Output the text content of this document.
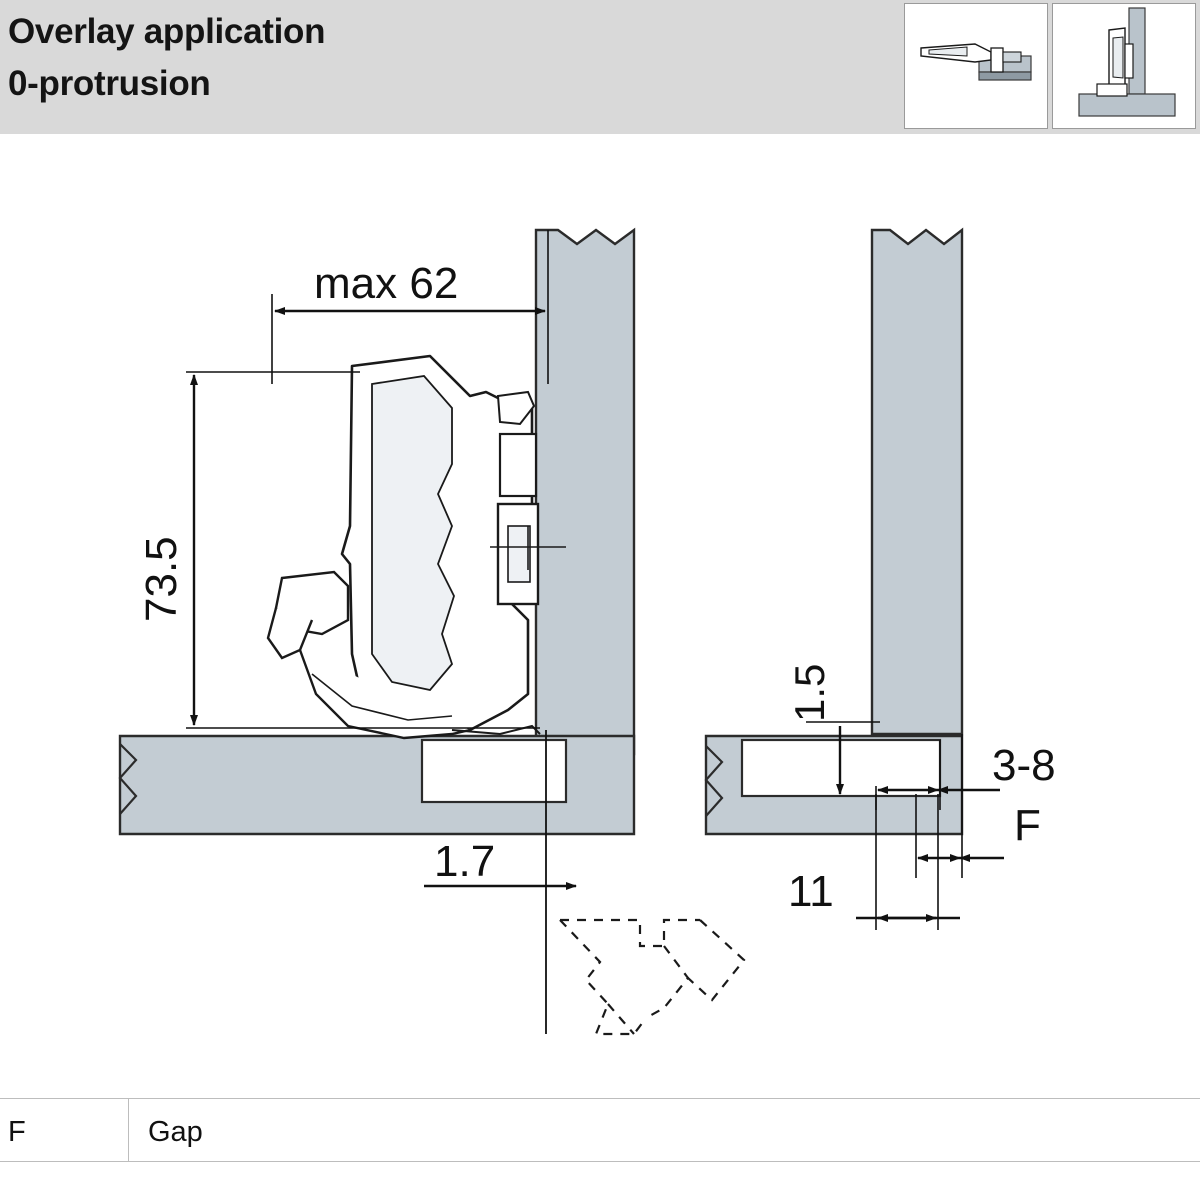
Overlay application
0-protrusion
max 62
73.5
1.7
1.5
3-8
F
11
F	Gap
